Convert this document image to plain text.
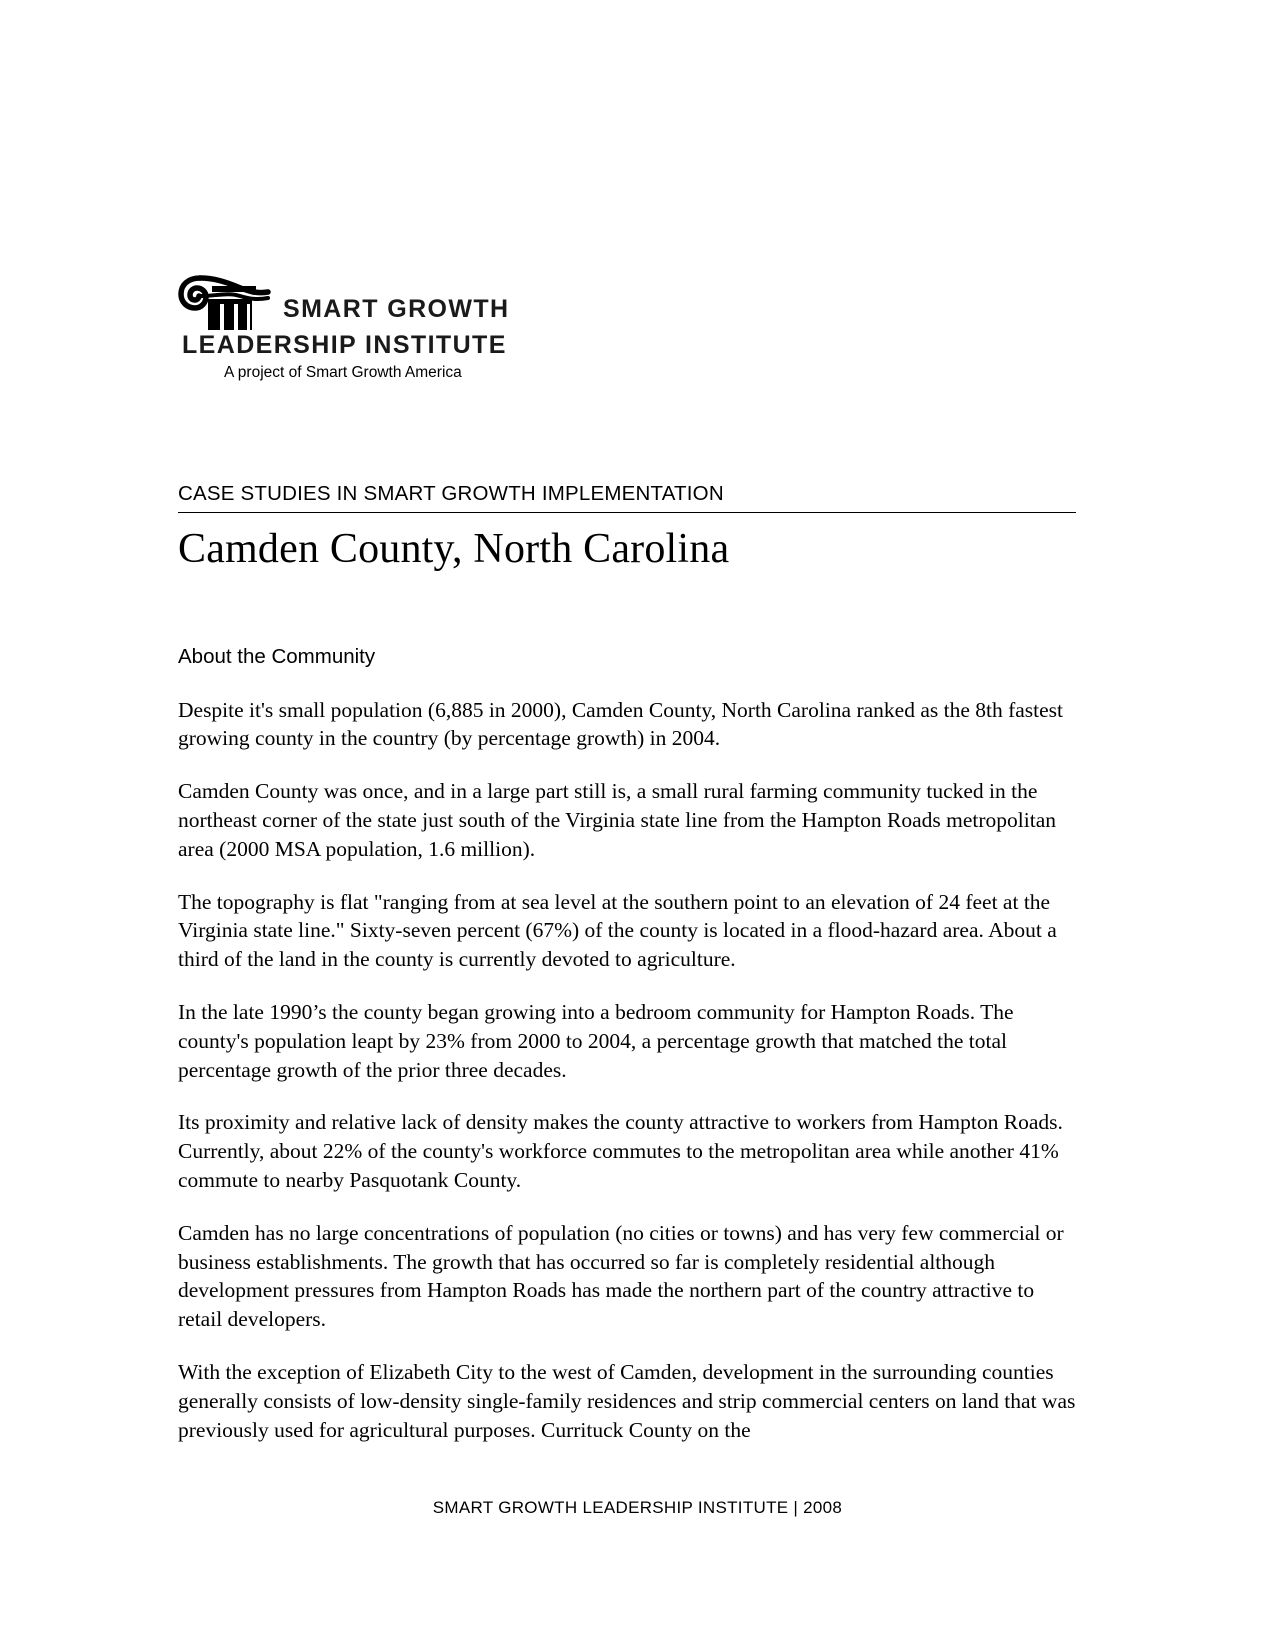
SMART GROWTH
LEADERSHIP INSTITUTE
A project of Smart Growth America
CASE STUDIES IN SMART GROWTH IMPLEMENTATION
Camden County, North Carolina
About the Community

Despite it's small population (6,885 in 2000), Camden County, North Carolina ranked as the 8th fastest growing county in the country (by percentage growth) in 2004.

Camden County was once, and in a large part still is, a small rural farming community tucked in the northeast corner of the state just south of the Virginia state line from the Hampton Roads metropolitan area (2000 MSA population, 1.6 million).

The topography is flat "ranging from at sea level at the southern point to an elevation of 24 feet at the Virginia state line." Sixty-seven percent (67%) of the county is located in a flood-hazard area. About a third of the land in the county is currently devoted to agriculture.

In the late 1990’s the county began growing into a bedroom community for Hampton Roads. The county's population leapt by 23% from 2000 to 2004, a percentage growth that matched the total percentage growth of the prior three decades.

Its proximity and relative lack of density makes the county attractive to workers from Hampton Roads. Currently, about 22% of the county's workforce commutes to the metropolitan area while another 41% commute to nearby Pasquotank County.

Camden has no large concentrations of population (no cities or towns) and has very few commercial or business establishments. The growth that has occurred so far is completely residential although development pressures from Hampton Roads has made the northern part of the country attractive to retail developers.

With the exception of Elizabeth City to the west of Camden, development in the surrounding counties generally consists of low-density single-family residences and strip commercial centers on land that was previously used for agricultural purposes. Currituck County on the

SMART GROWTH LEADERSHIP INSTITUTE | 2008
